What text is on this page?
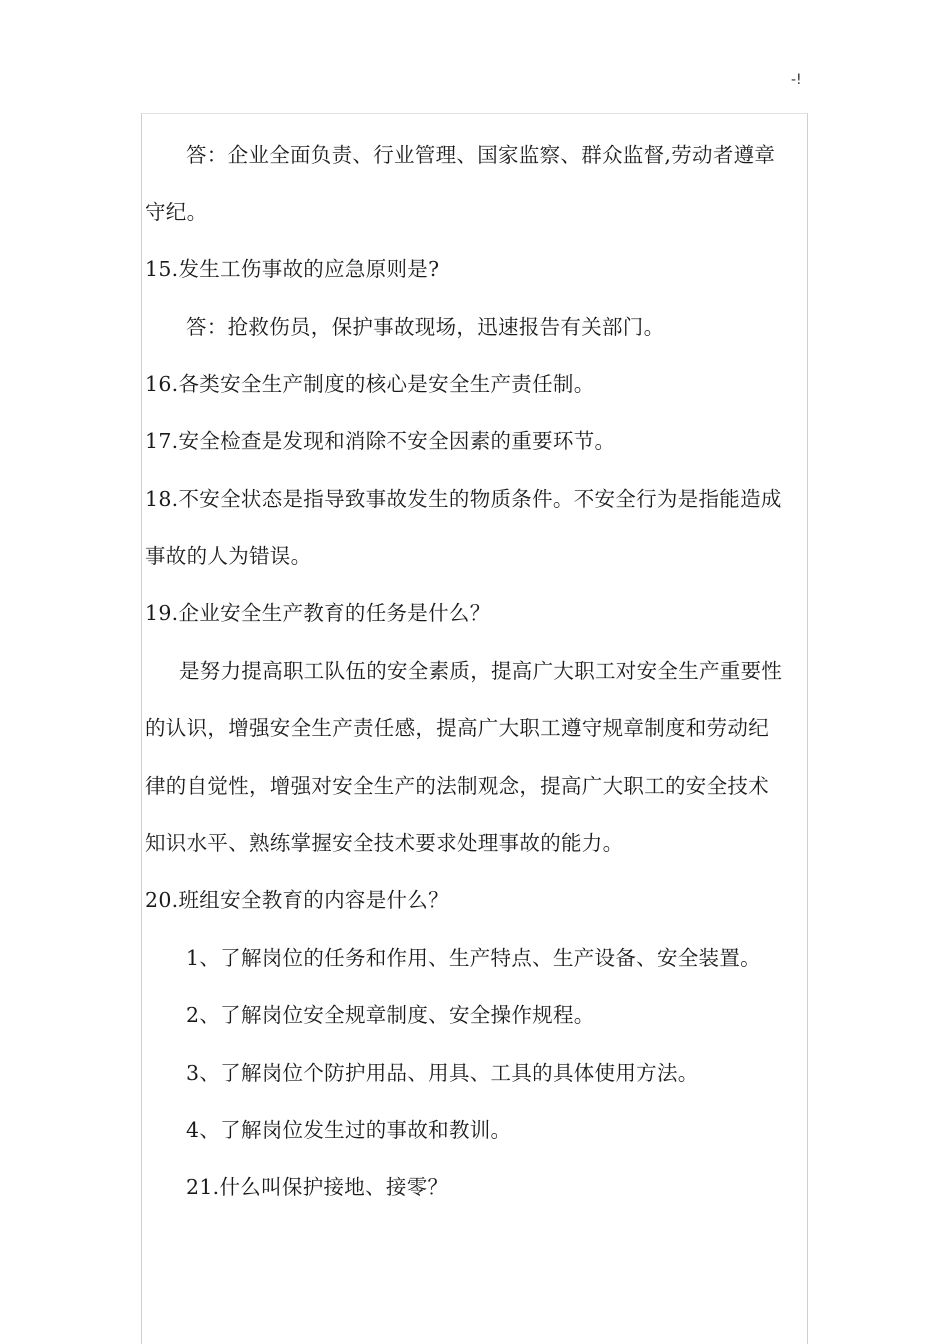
-!
答：企业全面负责、行业管理、国家监察、群众监督,劳动者遵章
守纪。
15.发生工伤事故的应急原则是?
答：抢救伤员，保护事故现场，迅速报告有关部门。
16.各类安全生产制度的核心是安全生产责任制。
17.安全检查是发现和消除不安全因素的重要环节。
18.不安全状态是指导致事故发生的物质条件。不安全行为是指能造成
事故的人为错误。
19.企业安全生产教育的任务是什么？
是努力提高职工队伍的安全素质，提高广大职工对安全生产重要性
的认识，增强安全生产责任感，提高广大职工遵守规章制度和劳动纪
律的自觉性，增强对安全生产的法制观念，提高广大职工的安全技术
知识水平、熟练掌握安全技术要求处理事故的能力。
20.班组安全教育的内容是什么？
1、了解岗位的任务和作用、生产特点、生产设备、安全装置。
2、了解岗位安全规章制度、安全操作规程。
3、了解岗位个防护用品、用具、工具的具体使用方法。
4、了解岗位发生过的事故和教训。
21.什么叫保护接地、接零？
